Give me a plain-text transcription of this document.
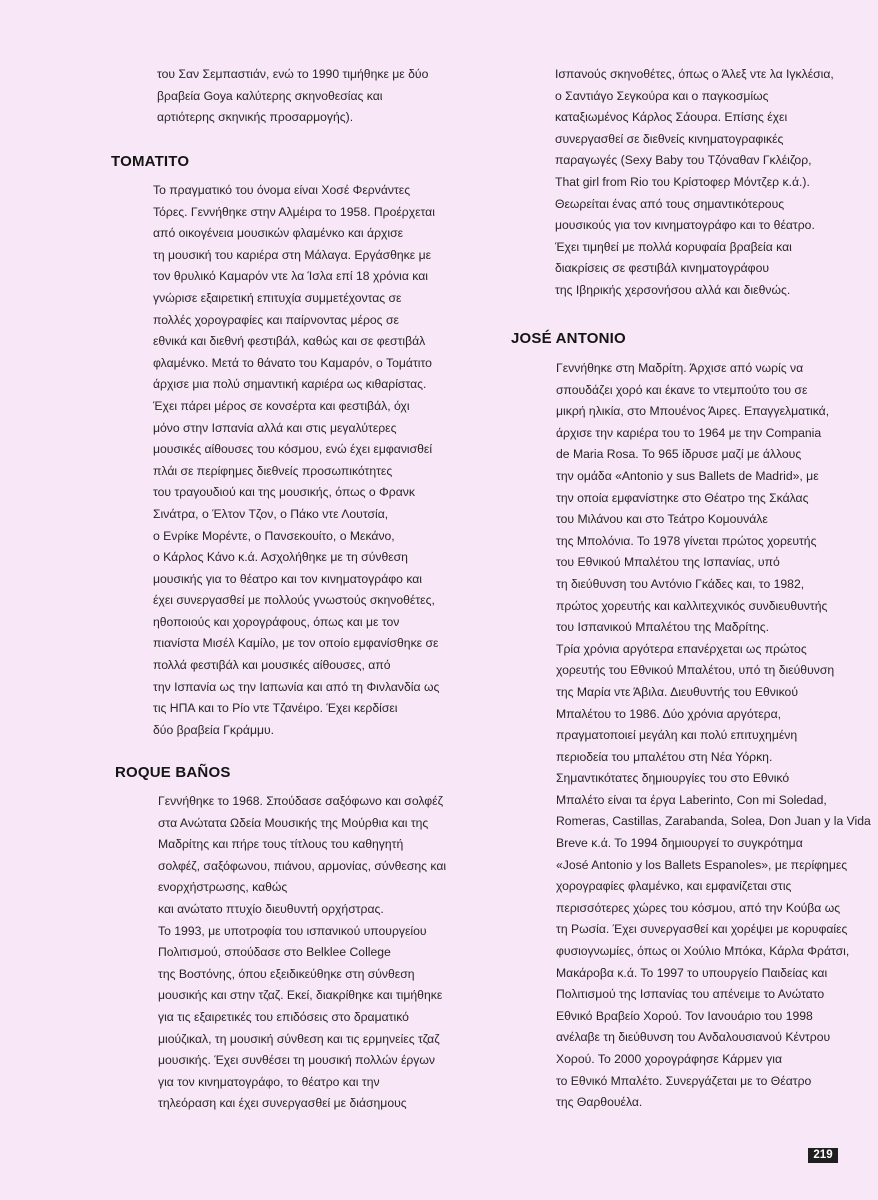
του Σαν Σεμπαστιάν, ενώ το 1990 τιμήθηκε με δύο
βραβεία Goya καλύτερης σκηνοθεσίας και
αρτιότερης σκηνικής προσαρμογής).
TOMATITO
Το πραγματικό του όνομα είναι Χοσέ Φερνάντες
Τόρες. Γεννήθηκε στην Αλμέιρα το 1958. Προέρχεται
από οικογένεια μουσικών φλαμένκο και άρχισε
τη μουσική του καριέρα στη Μάλαγα. Εργάσθηκε με
τον θρυλικό Καμαρόν ντε λα Ίσλα επί 18 χρόνια και
γνώρισε εξαιρετική επιτυχία συμμετέχοντας σε
πολλές χορογραφίες και παίρνοντας μέρος σε
εθνικά και διεθνή φεστιβάλ, καθώς και σε φεστιβάλ
φλαμένκο. Μετά το θάνατο του Καμαρόν, ο Τομάτιτο
άρχισε μια πολύ σημαντική καριέρα ως κιθαρίστας.
Έχει πάρει μέρος σε κονσέρτα και φεστιβάλ, όχι
μόνο στην Ισπανία αλλά και στις μεγαλύτερες
μουσικές αίθουσες του κόσμου, ενώ έχει εμφανισθεί
πλάι σε περίφημες διεθνείς προσωπικότητες
του τραγουδιού και της μουσικής, όπως ο Φρανκ
Σινάτρα, ο Έλτον Τζον, ο Πάκο ντε Λουτσία,
ο Ενρίκε Μορέντε, ο Πανσεκουίτο, ο Μεκάνο,
ο Κάρλος Κάνο κ.ά. Ασχολήθηκε με τη σύνθεση
μουσικής για το θέατρο και τον κινηματογράφο και
έχει συνεργασθεί με πολλούς γνωστούς σκηνοθέτες,
ηθοποιούς και χορογράφους, όπως και με τον
πιανίστα Μισέλ Καμίλο, με τον οποίο εμφανίσθηκε σε
πολλά φεστιβάλ και μουσικές αίθουσες, από
την Ισπανία ως την Ιαπωνία και από τη Φινλανδία ως
τις ΗΠΑ και το Ρίο ντε Τζανέιρο. Έχει κερδίσει
δύο βραβεία Γκράμμυ.
ROQUE BAÑOS
Γεννήθηκε το 1968. Σπούδασε σαξόφωνο και σολφέζ
στα Ανώτατα Ωδεία Μουσικής της Μούρθια και της
Μαδρίτης και πήρε τους τίτλους του καθηγητή
σολφέζ, σαξόφωνου, πιάνου, αρμονίας, σύνθεσης και
ενορχήστρωσης, καθώς
και ανώτατο πτυχίο διευθυντή ορχήστρας.
Το 1993, με υποτροφία του ισπανικού υπουργείου
Πολιτισμού, σπούδασε στο Belklee College
της Βοστόνης, όπου εξειδικεύθηκε στη σύνθεση
μουσικής και στην τζαζ. Εκεί, διακρίθηκε και τιμήθηκε
για τις εξαιρετικές του επιδόσεις στο δραματικό
μιούζικαλ, τη μουσική σύνθεση και τις ερμηνείες τζαζ
μουσικής. Έχει συνθέσει τη μουσική πολλών έργων
για τον κινηματογράφο, το θέατρο και την
τηλεόραση και έχει συνεργασθεί με διάσημους
Ισπανούς σκηνοθέτες, όπως ο Άλεξ ντε λα Ιγκλέσια,
ο Σαντιάγο Σεγκούρα και ο παγκοσμίως
καταξιωμένος Κάρλος Σάουρα. Επίσης έχει
συνεργασθεί σε διεθνείς κινηματογραφικές
παραγωγές (Sexy Baby του Τζόναθαν Γκλέιζορ,
That girl from Rio του Κρίστοφερ Μόντζερ κ.ά.).
Θεωρείται ένας από τους σημαντικότερους
μουσικούς για τον κινηματογράφο και το θέατρο.
Έχει τιμηθεί με πολλά κορυφαία βραβεία και
διακρίσεις σε φεστιβάλ κινηματογράφου
της Ιβηρικής χερσονήσου αλλά και διεθνώς.
JOSÉ ANTONIO
Γεννήθηκε στη Μαδρίτη. Άρχισε από νωρίς να
σπουδάζει χορό και έκανε το ντεμπούτο του σε
μικρή ηλικία, στο Μπουένος Άιρες. Επαγγελματικά,
άρχισε την καριέρα του το 1964 με την Compania
de Maria Rosa. Το 965 ίδρυσε μαζί με άλλους
την ομάδα «Antonio y sus Ballets de Madrid», με
την οποία εμφανίστηκε στο Θέατρο της Σκάλας
του Μιλάνου και στο Τεάτρο Κομουνάλε
της Μπολόνια. Το 1978 γίνεται πρώτος χορευτής
του Εθνικού Μπαλέτου της Ισπανίας, υπό
τη διεύθυνση του Αντόνιο Γκάδες και, το 1982,
πρώτος χορευτής και καλλιτεχνικός συνδιευθυντής
του Ισπανικού Μπαλέτου της Μαδρίτης.
Τρία χρόνια αργότερα επανέρχεται ως πρώτος
χορευτής του Εθνικού Μπαλέτου, υπό τη διεύθυνση
της Μαρία ντε Άβιλα. Διευθυντής του Εθνικού
Μπαλέτου το 1986. Δύο χρόνια αργότερα,
πραγματοποιεί μεγάλη και πολύ επιτυχημένη
περιοδεία του μπαλέτου στη Νέα Υόρκη.
Σημαντικότατες δημιουργίες του στο Εθνικό
Μπαλέτο είναι τα έργα Laberinto, Con mi Soledad,
Romeras, Castillas, Zarabanda, Solea, Don Juan y la Vida
Breve κ.ά. Το 1994 δημιουργεί το συγκρότημα
«José Antonio y los Ballets Espanoles», με περίφημες
χορογραφίες φλαμένκο, και εμφανίζεται στις
περισσότερες χώρες του κόσμου, από την Κούβα ως
τη Ρωσία. Έχει συνεργασθεί και χορέψει με κορυφαίες
φυσιογνωμίες, όπως οι Χούλιο Μπόκα, Κάρλα Φράτσι,
Μακάροβα κ.ά. Το 1997 το υπουργείο Παιδείας και
Πολιτισμού της Ισπανίας του απένειμε το Ανώτατο
Εθνικό Βραβείο Χορού. Τον Ιανουάριο του 1998
ανέλαβε τη διεύθυνση του Ανδαλουσιανού Κέντρου
Χορού. Το 2000 χορογράφησε Κάρμεν για
το Εθνικό Μπαλέτο. Συνεργάζεται με το Θέατρο
της Θαρθουέλα.
219
